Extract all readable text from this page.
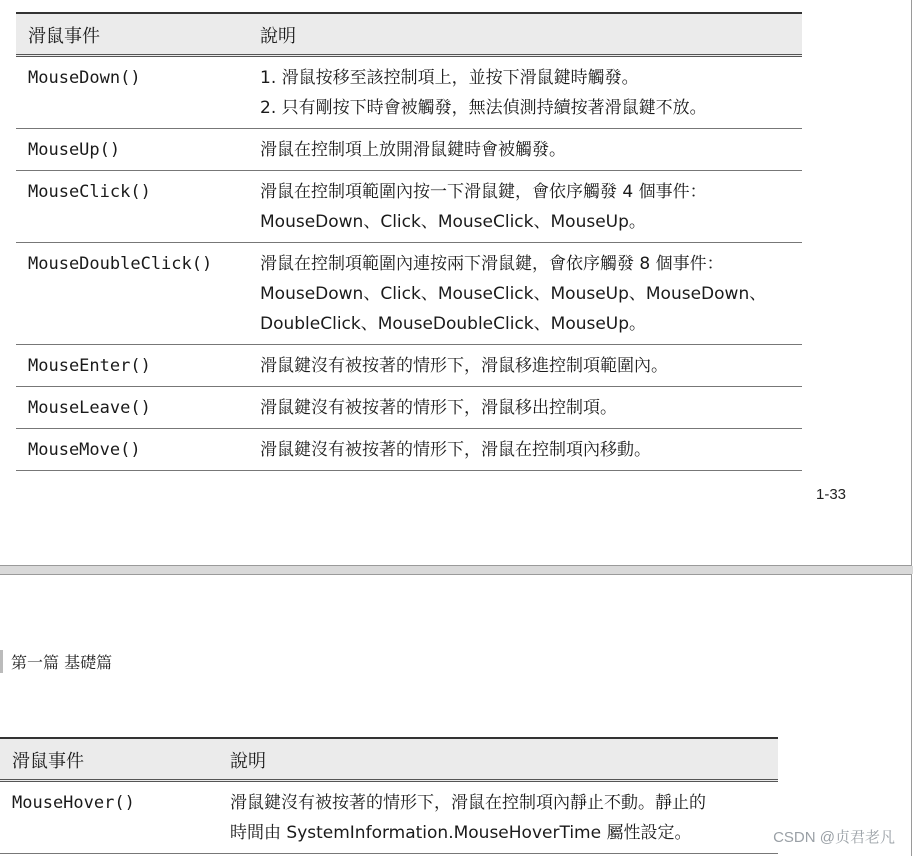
滑鼠事件	說明
MouseDown()	1. 滑鼠按移至該控制項上，並按下滑鼠鍵時觸發。
2. 只有剛按下時會被觸發，無法偵測持續按著滑鼠鍵不放。

MouseUp()	滑鼠在控制項上放開滑鼠鍵時會被觸發。

MouseClick()	滑鼠在控制項範圍內按一下滑鼠鍵，會依序觸發 4 個事件：
MouseDown、Click、MouseClick、MouseUp。

MouseDoubleClick()	滑鼠在控制項範圍內連按兩下滑鼠鍵，會依序觸發 8 個事件：
MouseDown、Click、MouseClick、MouseUp、MouseDown、
DoubleClick、MouseDoubleClick、MouseUp。

MouseEnter()	滑鼠鍵沒有被按著的情形下，滑鼠移進控制項範圍內。

MouseLeave()	滑鼠鍵沒有被按著的情形下，滑鼠移出控制項。

MouseMove()	滑鼠鍵沒有被按著的情形下，滑鼠在控制項內移動。
1-33
第一篇 基礎篇
滑鼠事件	說明
MouseHover()	滑鼠鍵沒有被按著的情形下，滑鼠在控制項內靜止不動。靜止的
時間由 SystemInformation.MouseHoverTime 屬性設定。	CSDN @贞君老凡
